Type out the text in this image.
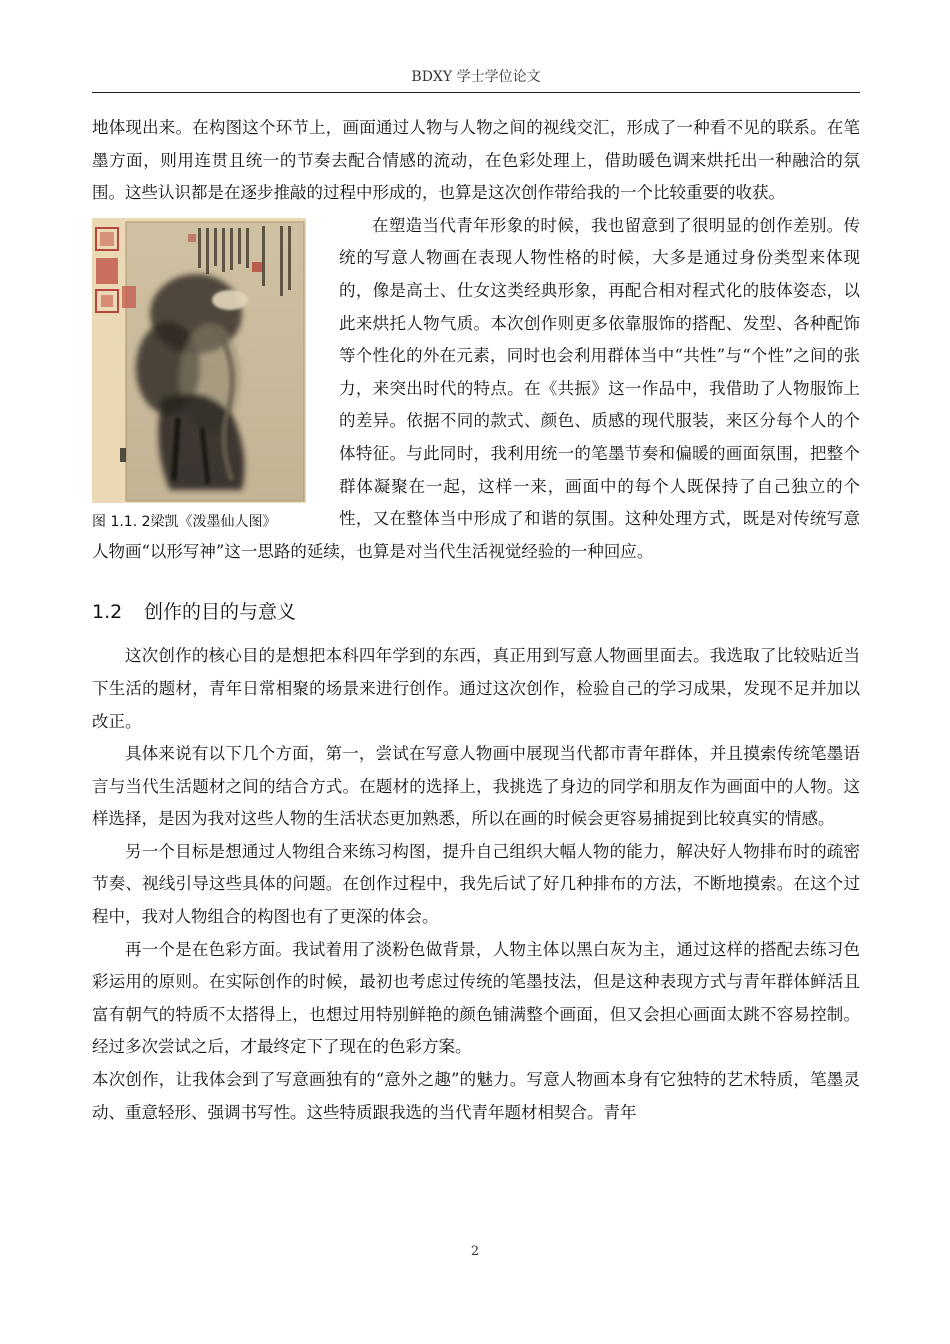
BDXY 学士学位论文

地体现出来。在构图这个环节上，画面通过人物与人物之间的视线交汇，形成了一种看不见的联系。在笔墨方面，则用连贯且统一的节奏去配合情感的流动，在色彩处理上，借助暖色调来烘托出一种融洽的氛围。这些认识都是在逐步推敲的过程中形成的，也算是这次创作带给我的一个比较重要的收获。

图 1.1. 2梁凯《泼墨仙人图》

在塑造当代青年形象的时候，我也留意到了很明显的创作差别。传统的写意人物画在表现人物性格的时候，大多是通过身份类型来体现的，像是高士、仕女这类经典形象，再配合相对程式化的肢体姿态，以此来烘托人物气质。本次创作则更多依靠服饰的搭配、发型、各种配饰等个性化的外在元素，同时也会利用群体当中“共性”与“个性”之间的张力，来突出时代的特点。在《共振》这一作品中，我借助了人物服饰上的差异。依据不同的款式、颜色、质感的现代服装，来区分每个人的个体特征。与此同时，我利用统一的笔墨节奏和偏暖的画面氛围，把整个群体凝聚在一起，这样一来，画面中的每个人既保持了自己独立的个性，又在整体当中形成了和谐的氛围。这种处理方式，既是对传统写意人物画“以形写神”这一思路的延续，也算是对当代生活视觉经验的一种回应。

1.2 创作的目的与意义

这次创作的核心目的是想把本科四年学到的东西，真正用到写意人物画里面去。我选取了比较贴近当下生活的题材，青年日常相聚的场景来进行创作。通过这次创作，检验自己的学习成果，发现不足并加以改正。

具体来说有以下几个方面，第一，尝试在写意人物画中展现当代都市青年群体，并且摸索传统笔墨语言与当代生活题材之间的结合方式。在题材的选择上，我挑选了身边的同学和朋友作为画面中的人物。这样选择，是因为我对这些人物的生活状态更加熟悉，所以在画的时候会更容易捕捉到比较真实的情感。

另一个目标是想通过人物组合来练习构图，提升自己组织大幅人物的能力，解决好人物排布时的疏密节奏、视线引导这些具体的问题。在创作过程中，我先后试了好几种排布的方法，不断地摸索。在这个过程中，我对人物组合的构图也有了更深的体会。

再一个是在色彩方面。我试着用了淡粉色做背景，人物主体以黑白灰为主，通过这样的搭配去练习色彩运用的原则。在实际创作的时候，最初也考虑过传统的笔墨技法，但是这种表现方式与青年群体鲜活且富有朝气的特质不太搭得上，也想过用特别鲜艳的颜色铺满整个画面，但又会担心画面太跳不容易控制。经过多次尝试之后，才最终定下了现在的色彩方案。

本次创作，让我体会到了写意画独有的“意外之趣”的魅力。写意人物画本身有它独特的艺术特质，笔墨灵动、重意轻形、强调书写性。这些特质跟我选的当代青年题材相契合。青年

2
